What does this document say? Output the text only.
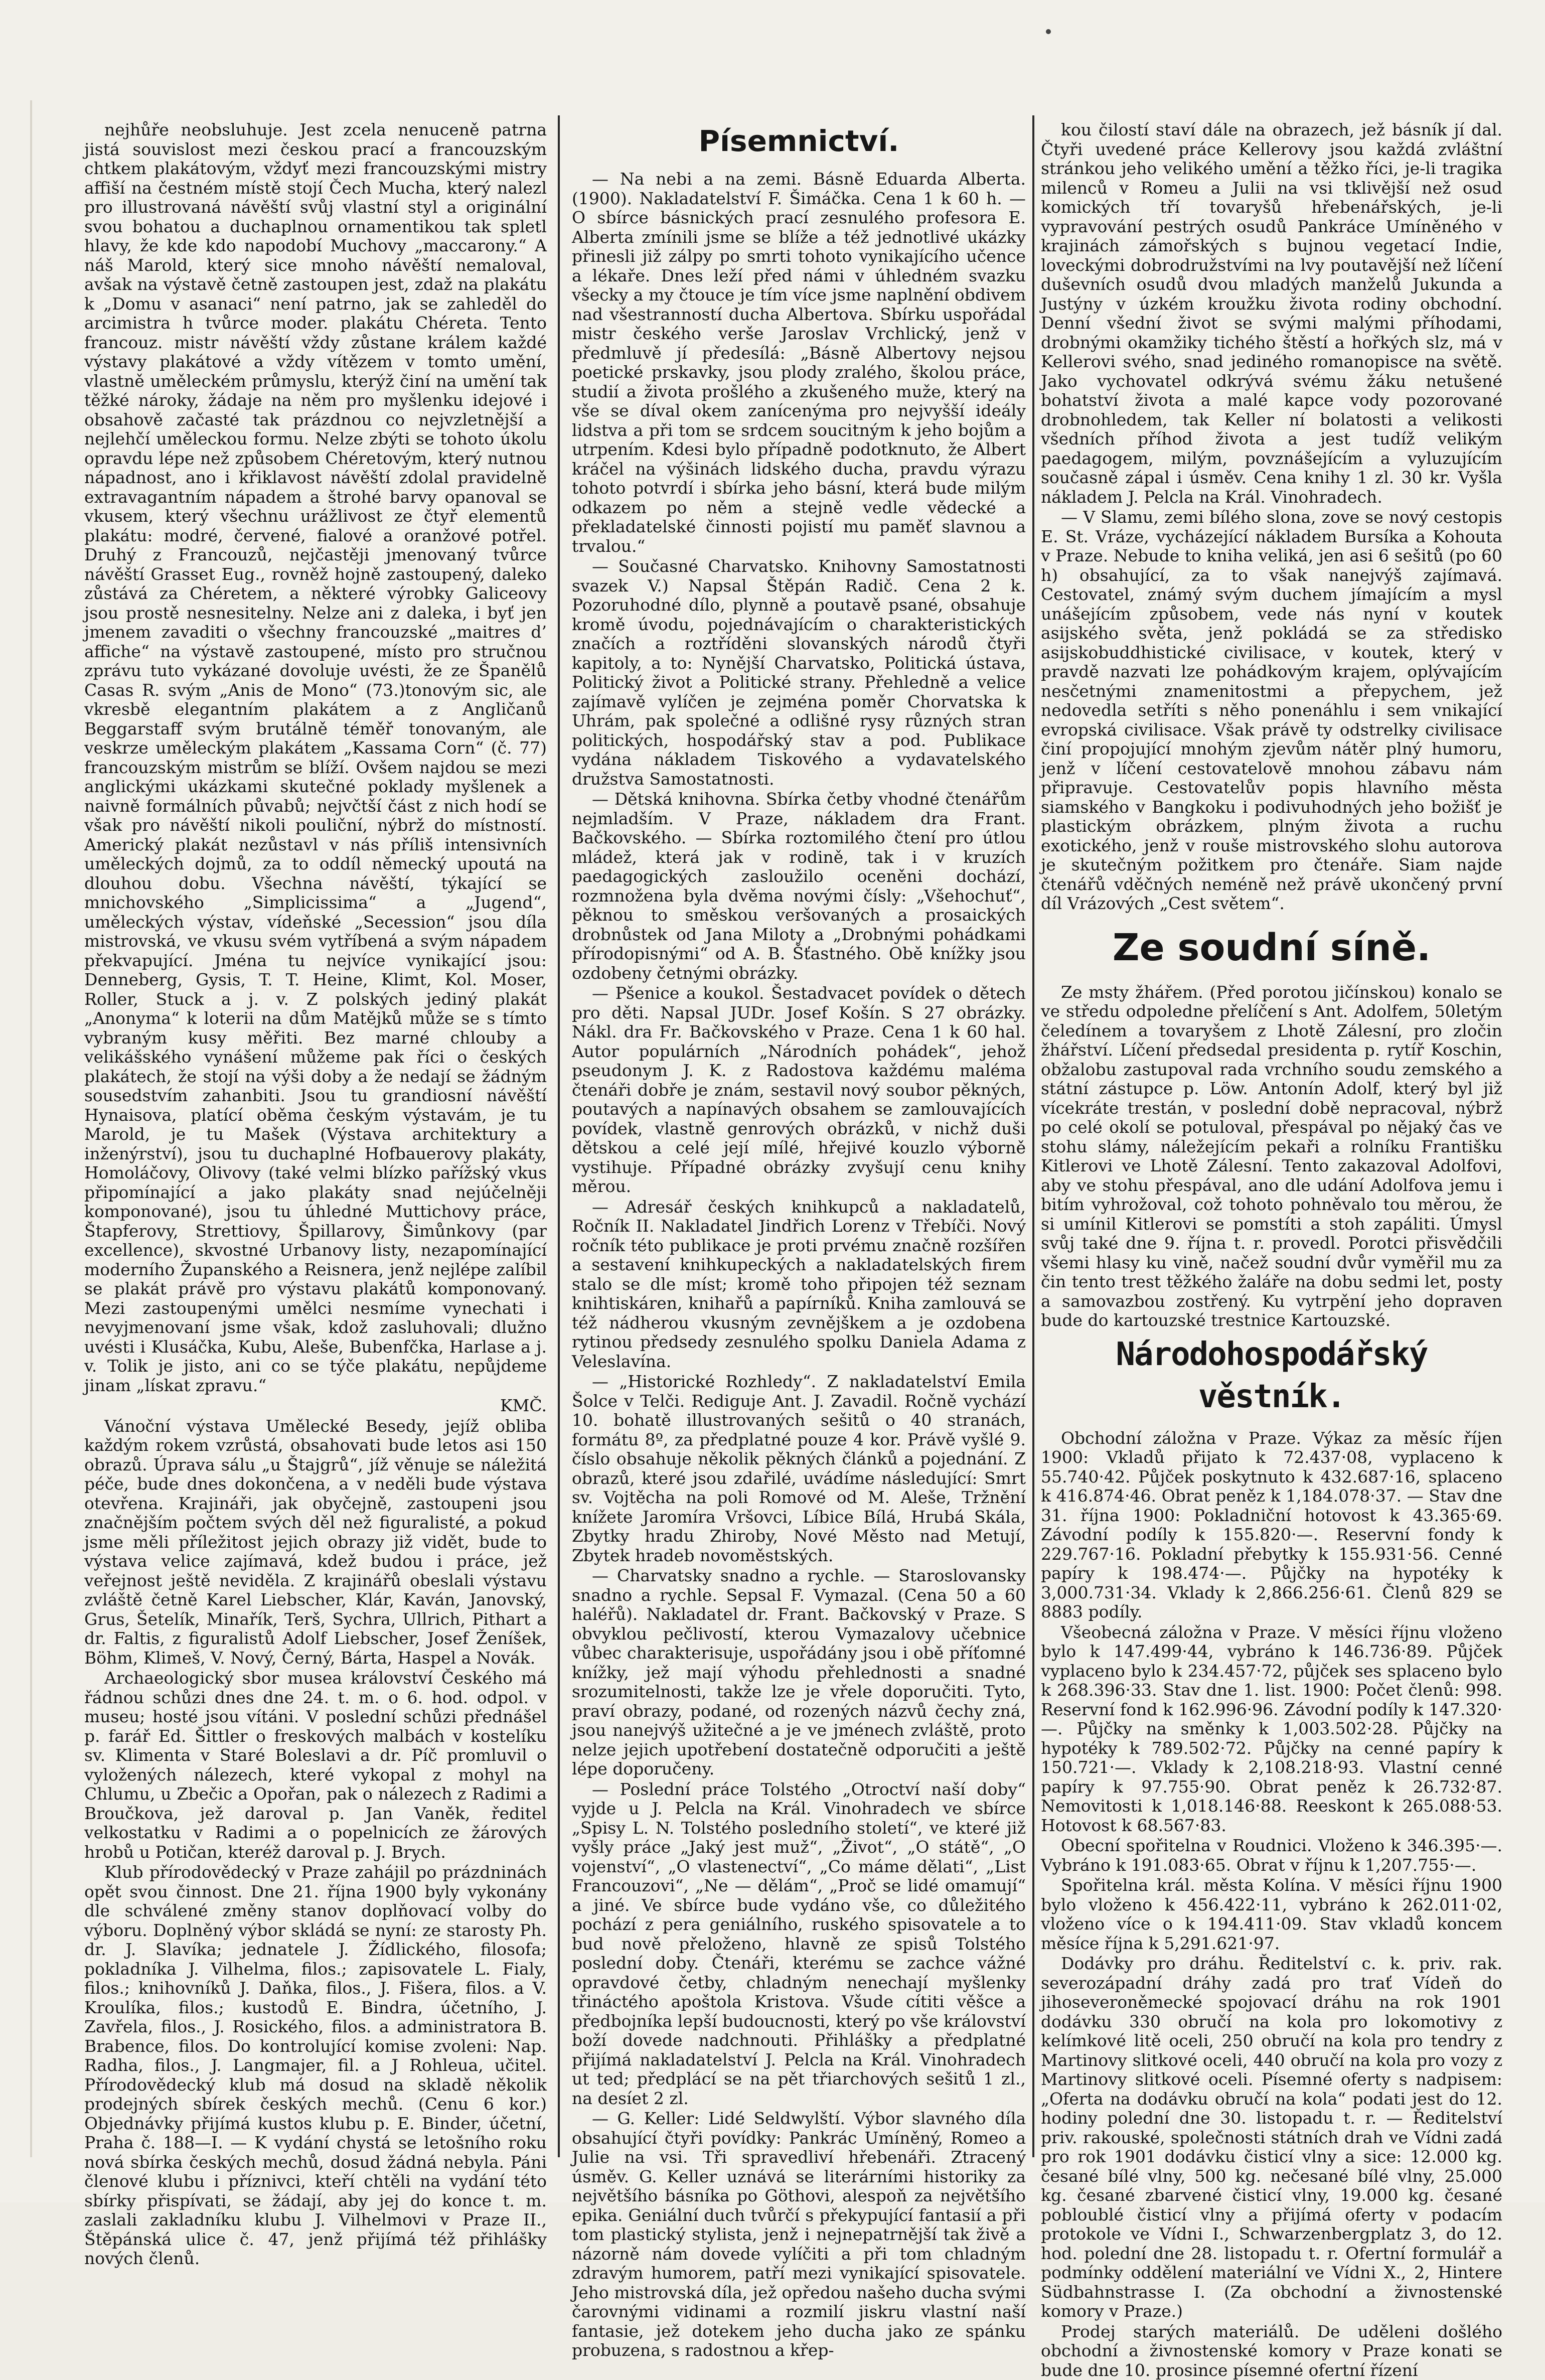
nejhůře neobsluhuje. Jest zcela nenuceně patrna jistá souvislost mezi českou prací a francouzským chtkem plakátovým, vždyť mezi francouzskými mistry affiší na čestném místě stojí Čech Mucha, který nalezl pro illustrovaná návěští svůj vlastní styl a originální svou bohatou a duchaplnou ornamentikou tak spletl hlavy, že kde kdo napodobí Muchovy „maccarony.“ A náš Marold, který sice mnoho návěští nemaloval, avšak na výstavě četně zastoupen jest, zdaž na plakátu k „Domu v asanaci“ není patrno, jak se zahleděl do arcimistra h tvůrce moder. plakátu Chéreta. Tento francouz. mistr návěští vždy zůstane králem každé výstavy plakátové a vždy vítězem v tomto umění, vlastně uměleckém průmyslu, kterýž činí na umění tak těžké nároky, žádaje na něm pro myšlenku idejové i obsahově začasté tak prázdnou co nejvzletnější a nejlehčí uměleckou formu. Nelze zbýti se tohoto úkolu opravdu lépe než způsobem Chéretovým, který nutnou nápadnost, ano i křiklavost návěští zdolal pravidelně extravagantním nápadem a štrohé barvy opanoval se vkusem, který všechnu urážlivost ze čtyř elementů plakátu: modré, červené, fialové a oranžové potřel. Druhý z Francouzů, nejčastěji jmenovaný tvůrce návěští Grasset Eug., rovněž hojně zastoupený, daleko zůstává za Chéretem, a některé výrobky Galiceovy jsou prostě nesnesitelny. Nelze ani z daleka, i byť jen jmenem zavaditi o všechny francouzské „maitres d’ affiche“ na výstavě zastoupené, místo pro stručnou zprávu tuto vykázané dovoluje uvésti, že ze Španělů Casas R. svým „Anis de Mono“ (73.)tonovým sic, ale vkresbě elegantním plakátem a z Angličanů Beggarstaff svým brutálně téměř tonovaným, ale veskrze uměleckým plakátem „Kassama Corn“ (č. 77) francouzským mistrům se blíží. Ovšem najdou se mezi anglickými ukázkami skutečné poklady myšlenek a naivně formálních půvabů; nejvčtší část z nich hodí se však pro návěští nikoli pouliční, nýbrž do místností. Americký plakát nezůstavl v nás příliš intensivních uměleckých dojmů, za to oddíl německý upoutá na dlouhou dobu. Všechna návěští, týkající se mnichovského „Simplicissima“ a „Jugend“, uměleckých výstav, vídeňské „Secession“ jsou díla mistrovská, ve vkusu svém vytříbená a svým nápadem překvapující. Jména tu nejvíce vynikající jsou: Denneberg, Gysis, T. T. Heine, Klimt, Kol. Moser, Roller, Stuck a j. v. Z polských jediný plakát „Anonyma“ k loterii na dům Matějků může se s tímto vybraným kusy měřiti. Bez marné chlouby a velikášského vynášení můžeme pak říci o českých plakátech, že stojí na výši doby a že nedají se žádným sousedstvím zahanbiti. Jsou tu grandiosní návěští Hynaisova, platící oběma českým výstavám, je tu Marold, je tu Mašek (Výstava architektury a inženýrství), jsou tu duchaplné Hofbauerovy plakáty, Homoláčovy, Olivovy (také velmi blízko pařížský vkus připomínající a jako plakáty snad nejúčelněji komponované), jsou tu úhledné Muttichovy práce, Štapferovy, Strettiovy, Špillarovy, Šimůnkovy (par excellence), skvostné Urbanovy listy, nezapomínající moderního Županského a Reisnera, jenž nejlépe zalíbil se plakát právě pro výstavu plakátů komponovaný. Mezi zastoupenými umělci nesmíme vynechati i nevyjmenovaní jsme však, kdož zasluhovali; dlužno uvésti i Klusáčka, Kubu, Aleše, Bubenfčka, Harlase a j. v. Tolik je jisto, ani co se týče plakátu, nepůjdeme jinam „lískat zpravu.“

KMČ.

Vánoční výstava Umělecké Besedy, jejíž obliba každým rokem vzrůstá, obsahovati bude letos asi 150 obrazů. Úprava sálu „u Štajgrů“, jíž věnuje se náležitá péče, bude dnes dokončena, a v neděli bude výstava otevřena. Krajináři, jak obyčejně, zastoupeni jsou značnějším počtem svých děl než figuralisté, a pokud jsme měli příležitost jejich obrazy již vidět, bude to výstava velice zajímavá, kdež budou i práce, jež veřejnost ještě neviděla. Z krajinářů obeslali výstavu zvláště četně Karel Liebscher, Klár, Kaván, Janovský, Grus, Šetelík, Minařík, Terš, Sychra, Ullrich, Pithart a dr. Faltis, z figuralistů Adolf Liebscher, Josef Ženíšek, Böhm, Klimeš, V. Nový, Černý, Bárta, Haspel a Novák.

Archaeologický sbor musea království Českého má řádnou schůzi dnes dne 24. t. m. o 6. hod. odpol. v museu; hosté jsou vítáni. V poslední schůzi přednášel p. farář Ed. Šittler o freskových malbách v kostelíku sv. Klimenta v Staré Boleslavi a dr. Píč promluvil o vyložených nálezech, které vykopal z mohyl na Chlumu, u Zbečic a Opořan, pak o nálezech z Radimi a Broučkova, jež daroval p. Jan Vaněk, ředitel velkostatku v Radimi a o popelnicích ze žárových hrobů u Potičan, kteréž daroval p. J. Brych.

Klub přírodovědecký v Praze zahájil po prázdninách opět svou činnost. Dne 21. října 1900 byly vykonány dle schválené změny stanov doplňovací volby do výboru. Doplněný výbor skládá se nyní: ze starosty Ph. dr. J. Slavíka; jednatele J. Žídlického, filosofa; pokladníka J. Vilhelma, filos.; zapisovatele L. Fialy, filos.; knihovníků J. Daňka, filos., J. Fišera, filos. a V. Kroulíka, filos.; kustodů E. Bindra, účetního, J. Zavřela, filos., J. Rosického, filos. a administratora B. Brabence, filos. Do kontrolující komise zvoleni: Nap. Radha, filos., J. Langmajer, fil. a J Rohleua, učitel. Přírodovědecký klub má dosud na skladě několik prodejných sbírek českých mechů. (Cenu 6 kor.) Objednávky přijímá kustos klubu p. E. Binder, účetní, Praha č. 188—I. — K vydání chystá se letošního roku nová sbírka českých mechů, dosud žádná nebyla. Páni členové klubu i příznivci, kteří chtěli na vydání této sbírky přispívati, se žádají, aby jej do konce t. m. zaslali zakladníku klubu J. Vilhelmovi v Praze II., Štěpánská ulice č. 47, jenž přijímá též přihlášky nových členů.

Písemnictví.

— Na nebi a na zemi. Básně Eduarda Alberta. (1900). Nakladatelství F. Šimáčka. Cena 1 k 60 h. — O sbírce básnických prací zesnulého profesora E. Alberta zmínili jsme se blíže a též jednotlivé ukázky přinesli již zálpy po smrti tohoto vynikajícího učence a lékaře. Dnes leží před námi v úhledném svazku všecky a my čtouce je tím více jsme naplnění obdivem nad všestranností ducha Albertova. Sbírku uspořádal mistr českého verše Jaroslav Vrchlický, jenž v předmluvě jí předesílá: „Básně Albertovy nejsou poetické prskavky, jsou plody zralého, školou práce, studií a života prošlého a zkušeného muže, který na vše se díval okem zanícenýma pro nejvyšší ideály lidstva a při tom se srdcem soucitným k jeho bojům a utrpením. Kdesi bylo případně podotknuto, že Albert kráčel na výšinách lidského ducha, pravdu výrazu tohoto potvrdí i sbírka jeho básní, která bude milým odkazem po něm a stejně vedle vědecké a překladatelské činnosti pojistí mu paměť slavnou a trvalou.“

— Současné Charvatsko. Knihovny Samostatnosti svazek V.) Napsal Štěpán Radič. Cena 2 k. Pozoruhodné dílo, plynně a poutavě psané, obsahuje kromě úvodu, pojednávajícím o charakteristických značích a roztříděni slovanských národů čtyři kapitoly, a to: Nynější Charvatsko, Politická ústava, Politický život a Politické strany. Přehledně a velice zajímavě vylíčen je zejména poměr Chorvatska k Uhrám, pak společné a odlišné rysy různých stran politických, hospodářský stav a pod. Publikace vydána nákladem Tiskového a vydavatelského družstva Samostatnosti.

— Dětská knihovna. Sbírka četby vhodné čtenářům nejmladším. V Praze, nákladem dra Frant. Bačkovského. — Sbírka roztomilého čtení pro útlou mládež, která jak v rodině, tak i v kruzích paedagogických zasloužilo oceněni dochází, rozmnožena byla dvěma novými čísly: „Všehochuť“, pěknou to směskou veršovaných a prosaických drobnůstek od Jana Miloty a „Drobnými pohádkami přírodopisnými“ od A. B. Šťastného. Obě knížky jsou ozdobeny četnými obrázky.

— Pšenice a koukol. Šestadvacet povídek o dětech pro děti. Napsal JUDr. Josef Košín. S 27 obrázky. Nákl. dra Fr. Bačkovského v Praze. Cena 1 k 60 hal. Autor populárních „Národních pohádek“, jehož pseudonym J. K. z Radostova každému maléma čtenáři dobře je znám, sestavil nový soubor pěkných, poutavých a napínavých obsahem se zamlouvajících povídek, vlastně genrových obrázků, v nichž duši dětskou a celé její mílé, hřejivé kouzlo výborně vystihuje. Případné obrázky zvyšují cenu knihy měrou.

— Adresář českých knihkupců a nakladatelů, Ročník II. Nakladatel Jindřich Lorenz v Třebíči. Nový ročník této publikace je proti prvému značně rozšířen a sestavení knihkupeckých a nakladatelských firem stalo se dle míst; kromě toho připojen též seznam knihtiskáren, knihařů a papírníků. Kniha zamlouvá se též nádherou vkusným zevnějškem a je ozdobena rytinou předsedy zesnulého spolku Daniela Adama z Veleslavína.

— „Historické Rozhledy“. Z nakladatelství Emila Šolce v Telči. Rediguje Ant. J. Zavadil. Ročně vychází 10. bohatě illustrovaných sešitů o 40 stranách, formátu 8º, za předplatné pouze 4 kor. Právě vyšlé 9. číslo obsahuje několik pěkných článků a pojednání. Z obrazů, které jsou zdařilé, uvádíme následující: Smrt sv. Vojtěcha na poli Romové od M. Aleše, Tržnění knížete Jaromíra Vršovci, Líbice Bílá, Hrubá Skála, Zbytky hradu Zhiroby, Nové Město nad Metují, Zbytek hradeb novoměstských.

— Charvatsky snadno a rychle. — Staroslovansky snadno a rychle. Sepsal F. Vymazal. (Cena 50 a 60 haléřů). Nakladatel dr. Frant. Bačkovský v Praze. S obvyklou pečlivostí, kterou Vymazalovy učebnice vůbec charakterisuje, uspořádány jsou i obě příťomné knížky, jež mají výhodu přehlednosti a snadné srozumitelnosti, takže lze je vřele doporučiti. Tyto, praví obrazy, podané, od rozených názvů čechy zná, jsou nanejvýš užitečné a je ve jménech zvláště, proto nelze jejich upotřebení dostatečně odporučiti a ještě lépe doporučeny.

— Poslední práce Tolstého „Otroctví naší doby“ vyjde u J. Pelcla na Král. Vinohradech ve sbírce „Spisy L. N. Tolstého posledního století“, ve které již vyšly práce „Jaký jest muž“, „Život“, „O státě“, „O vojenství“, „O vlastenectví“, „Co máme dělati“, „List Francouzovi“, „Ne — dělám“, „Proč se lidé omamují“ a jiné. Ve sbírce bude vydáno vše, co důležitého pochází z pera geniálního, ruského spisovatele a to bud nově přeloženo, hlavně ze spisů Tolstého poslední doby. Čtenáři, kterému se zachce vážné opravdové četby, chladným nenechají myšlenky třináctého apoštola Kristova. Všude cítiti věšce a předbojníka lepší budoucnosti, který po vše království boží dovede nadchnouti. Přihlášky a předplatné přijímá nakladatelství J. Pelcla na Král. Vinohradech ut ted; předplácí se na pět třiarchových sešitů 1 zl., na desíet 2 zl.

— G. Keller: Lidé Seldwylští. Výbor slavného díla obsahující čtyři povídky: Pankrác Umíněný, Romeo a Julie na vsi. Tři spravedliví hřebenáři. Ztracený úsměv. G. Keller uznává se literárními historiky za největšího básníka po Göthovi, alespoň za největšího epika. Geniální duch tvůrčí s překypující fantasií a při tom plastický stylista, jenž i nejnepatrnější tak živě a názorně nám dovede vylíčiti a při tom chladným zdravým humorem, patří mezi vynikající spisovatele. Jeho mistrovská díla, jež opředou našeho ducha svými čarovnými vidinami a rozmilí jiskru vlastní naší fantasie, jež dotekem jeho ducha jako ze spánku probuzena, s radostnou a křep-

kou čilostí staví dále na obrazech, jež básník jí dal. Čtyři uvedené práce Kellerovy jsou každá zvláštní stránkou jeho velikého umění a těžko říci, je-li tragika milenců v Romeu a Julii na vsi tklivější než osud komických tří tovaryšů hřebenářských, je-li vypravování pestrých osudů Pankráce Umíněného v krajinách zámořských s bujnou vegetací Indie, loveckými dobrodružstvími na lvy poutavější než líčení duševních osudů dvou mladých manželů Jukunda a Justýny v úzkém kroužku života rodiny obchodní. Denní všední život se svými malými příhodami, drobnými okamžiky tichého štěstí a hořkých slz, má v Kellerovi svého, snad jediného romanopisce na světě. Jako vychovatel odkrývá svému žáku netušené bohatství života a malé kapce vody pozorované drobnohledem, tak Keller ní bolatosti a velikosti všedních příhod života a jest tudíž velikým paedagogem, milým, povznášejícím a vyluzujícím současně zápal i úsměv. Cena knihy 1 zl. 30 kr. Vyšla nákladem J. Pelcla na Král. Vinohradech.

— V Slamu, zemi bílého slona, zove se nový cestopis E. St. Vráze, vycházející nákladem Bursíka a Kohouta v Praze. Nebude to kniha veliká, jen asi 6 sešitů (po 60 h) obsahující, za to však nanejvýš zajímavá. Cestovatel, známý svým duchem jímajícím a mysl unášejícím způsobem, vede nás nyní v koutek asijského světa, jenž pokládá se za středisko asijskobuddhistické civilisace, v koutek, který v pravdě nazvati lze pohádkovým krajem, oplývajícím nesčetnými znamenitostmi a přepychem, jež nedovedla setříti s něho ponenáhlu i sem vnikající evropská civilisace. Však právě ty odstrelky civilisace činí propojující mnohým zjevům nátěr plný humoru, jenž v líčení cestovatelově mnohou zábavu nám připravuje. Cestovatelův popis hlavního města siamského v Bangkoku i podivuhodných jeho božišť je plastickým obrázkem, plným života a ruchu exotického, jenž v rouše mistrovského slohu autorova je skutečným požitkem pro čtenáře. Siam najde čtenářů vděčných neméně než právě ukončený první díl Vrázových „Cest světem“.

Ze soudní síně.

Ze msty žhářem. (Před porotou jičínskou) konalo se ve středu odpoledne přelíčení s Ant. Adolfem, 50letým čeledínem a tovaryšem z Lhotě Zálesní, pro zločin žhářství. Líčení předsedal presidenta p. rytíř Koschin, obžalobu zastupoval rada vrchního soudu zemského a státní zástupce p. Löw. Antonín Adolf, který byl již vícekráte trestán, v poslední době nepracoval, nýbrž po celé okolí se potuloval, přespával po nějaký čas ve stohu slámy, náležejícím pekaři a rolníku Františku Kitlerovi ve Lhotě Zálesní. Tento zakazoval Adolfovi, aby ve stohu přespával, ano dle udání Adolfova jemu i bitím vyhrožoval, což tohoto pohněvalo tou měrou, že si umínil Kitlerovi se pomstíti a stoh zapáliti. Úmysl svůj také dne 9. října t. r. provedl. Porotci přisvědčili všemi hlasy ku vině, načež soudní dvůr vyměřil mu za čin tento trest těžkého žaláře na dobu sedmi let, posty a samovazbou zostřený. Ku vytrpění jeho dopraven bude do kartouzské trestnice Kartouzské.

Národohospodářský věstník.

Obchodní záložna v Praze. Výkaz za měsíc říjen 1900: Vkladů přijato k 72.437·08, vyplaceno k 55.740·42. Půjček poskytnuto k 432.687·16, splaceno k 416.874·46. Obrat peněz k 1,184.078·37. — Stav dne 31. října 1900: Pokladniční hotovost k 43.365·69. Závodní podíly k 155.820·—. Reservní fondy k 229.767·16. Pokladní přebytky k 155.931·56. Cenné papíry k 198.474·—. Půjčky na hypotéky k 3,000.731·34. Vklady k 2,866.256·61. Členů 829 se 8883 podíly.

Všeobecná záložna v Praze. V měsíci říjnu vloženo bylo k 147.499·44, vybráno k 146.736·89. Půjček vyplaceno bylo k 234.457·72, půjček ses splaceno bylo k 268.396·33. Stav dne 1. list. 1900: Počet členů: 998. Reservní fond k 162.996·96. Závodní podíly k 147.320·—. Půjčky na směnky k 1,003.502·28. Půjčky na hypotéky k 789.502·72. Půjčky na cenné papíry k 150.721·—. Vklady k 2,108.218·93. Vlastní cenné papíry k 97.755·90. Obrat peněz k 26.732·87. Nemovitosti k 1,018.146·88. Reeskont k 265.088·53. Hotovost k 68.567·83.

Obecní spořitelna v Roudnici. Vloženo k 346.395·—. Vybráno k 191.083·65. Obrat v říjnu k 1,207.755·—.

Spořitelna král. města Kolína. V měsíci říjnu 1900 bylo vloženo k 456.422·11, vybráno k 262.011·02, vloženo více o k 194.411·09. Stav vkladů koncem měsíce října k 5,291.621·97.

Dodávky pro dráhu. Ředitelství c. k. priv. rak. severozápadní dráhy zadá pro trať Vídeň do jihoseveroněmecké spojovací dráhu na rok 1901 dodávku 330 obručí na kola pro lokomotivy z kelímkové litě oceli, 250 obručí na kola pro tendry z Martinovy slitkové oceli, 440 obručí na kola pro vozy z Martinovy slitkové oceli. Písemné oferty s nadpisem: „Oferta na dodávku obručí na kola“ podati jest do 12. hodiny polední dne 30. listopadu t. r. — Ředitelství priv. rakouské, společnosti státních drah ve Vídni zadá pro rok 1901 dodávku čisticí vlny a sice: 12.000 kg. česané bílé vlny, 500 kg. nečesané bílé vlny, 25.000 kg. česané zbarvené čisticí vlny, 19.000 kg. česané pobloublé čisticí vlny a přijímá oferty v podacím protokole ve Vídni I., Schwarzenbergplatz 3, do 12. hod. polední dne 28. listopadu t. r. Ofertní formulář a podmínky oddělení materiální ve Vídni X., 2, Hintere Südbahnstrasse I. (Za obchodní a živnostenské komory v Praze.)

Prodej starých materiálů. De uděleni došlého obchodní a živnostenské komory v Praze konati se bude dne 10. prosince písemné ofertní řízení
